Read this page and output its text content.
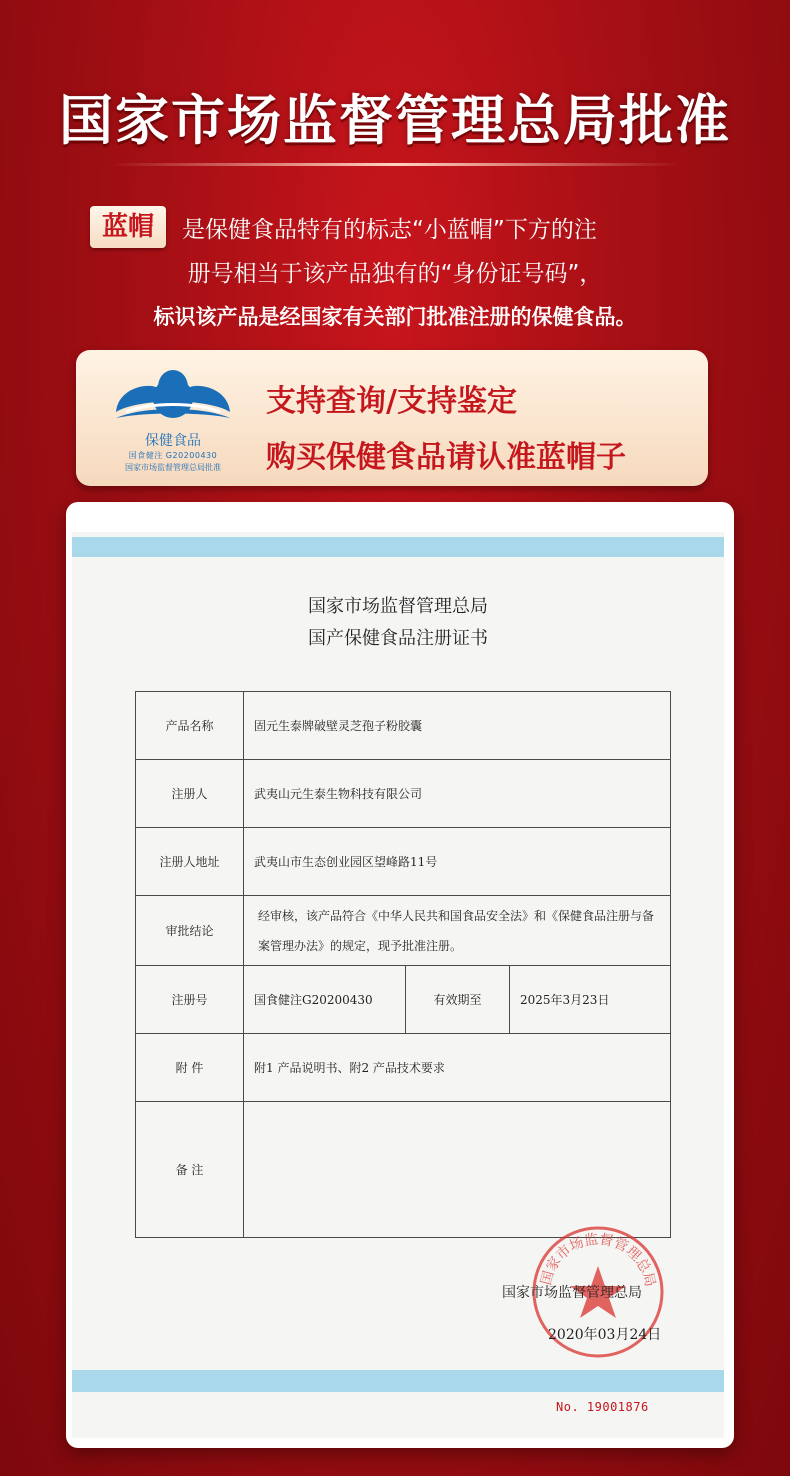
国家市场监督管理总局批准
蓝帽	是保健食品特有的标志“小蓝帽”下方的注
册号相当于该产品独有的“身份证号码”，
标识该产品是经国家有关部门批准注册的保健食品。
保健食品
国食健注 G20200430
国家市场监督管理总局批准
支持查询/支持鉴定
购买保健食品请认准蓝帽子
国家市场监督管理总局
国产保健食品注册证书
产品名称	固元生泰牌破壁灵芝孢子粉胶囊		
注册人	武夷山元生泰生物科技有限公司		
注册人地址	武夷山市生态创业园区望峰路11号		
审批结论	经审核，该产品符合《中华人民共和国食品安全法》和《保健食品注册与备案管理办法》的规定，现予批准注册。		
注册号	国食健注G20200430	有效期至	2025年3月23日
附 件	附1 产品说明书、附2 产品技术要求		
备 注			
国家市场监督管理总局
国家市场监督管理总局
2020年03月24日
No. 19001876
